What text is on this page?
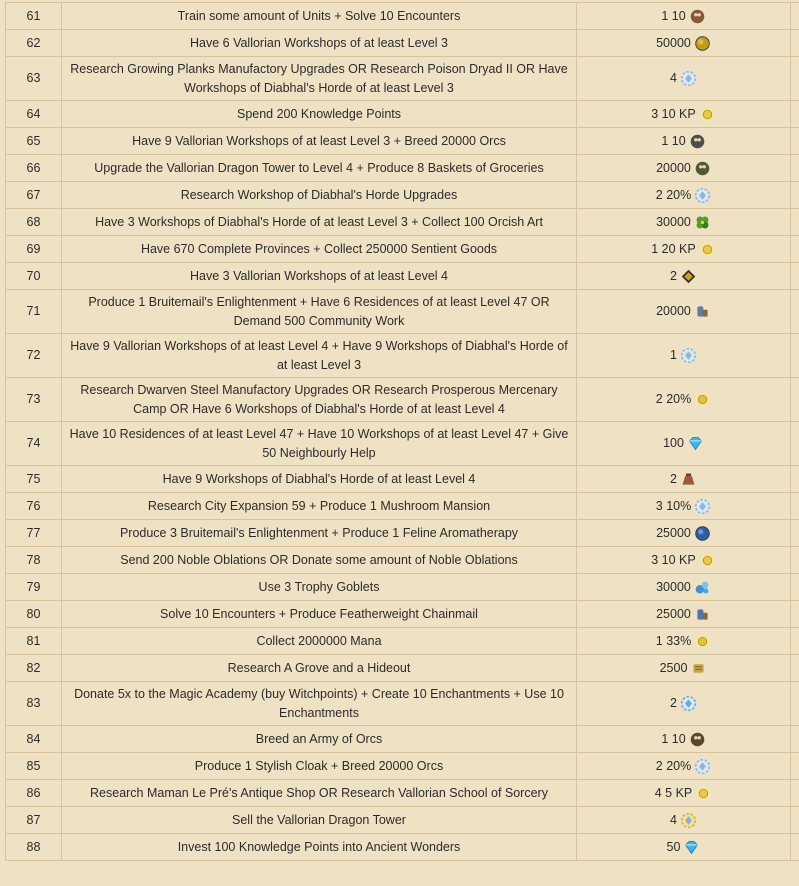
61	Train some amount of Units + Solve 10 Encounters	1 10

62	Have 6 Vallorian Workshops of at least Level 3	50000

63	Research Growing Planks Manufactory Upgrades OR Research Poison Dryad II OR Have Workshops of Diabhal's Horde of at least Level 3	4

64	Spend 200 Knowledge Points	3 10 KP

65	Have 9 Vallorian Workshops of at least Level 3 + Breed 20000 Orcs	1 10

66	Upgrade the Vallorian Dragon Tower to Level 4 + Produce 8 Baskets of Groceries	20000

67	Research Workshop of Diabhal's Horde Upgrades	2 20%

68	Have 3 Workshops of Diabhal's Horde of at least Level 3 + Collect 100 Orcish Art	30000

69	Have 670 Complete Provinces + Collect 250000 Sentient Goods	1 20 KP

70	Have 3 Vallorian Workshops of at least Level 4	2

71	Produce 1 Bruitemail's Enlightenment + Have 6 Residences of at least Level 47 OR Demand 500 Community Work	20000

72	Have 9 Vallorian Workshops of at least Level 4 + Have 9 Workshops of Diabhal's Horde of at least Level 3	1

73	Research Dwarven Steel Manufactory Upgrades OR Research Prosperous Mercenary Camp OR Have 6 Workshops of Diabhal's Horde of at least Level 4	2 20%

74	Have 10 Residences of at least Level 47 + Have 10 Workshops of at least Level 47 + Give 50 Neighbourly Help	100

75	Have 9 Workshops of Diabhal's Horde of at least Level 4	2

76	Research City Expansion 59 + Produce 1 Mushroom Mansion	3 10%

77	Produce 3 Bruitemail's Enlightenment + Produce 1 Feline Aromatherapy	25000

78	Send 200 Noble Oblations OR Donate some amount of Noble Oblations	3 10 KP

79	Use 3 Trophy Goblets	30000

80	Solve 10 Encounters + Produce Featherweight Chainmail	25000

81	Collect 2000000 Mana	1 33%

82	Research A Grove and a Hideout	2500

83	Donate 5x to the Magic Academy (buy Witchpoints) + Create 10 Enchantments + Use 10 Enchantments	2

84	Breed an Army of Orcs	1 10

85	Produce 1 Stylish Cloak + Breed 20000 Orcs	2 20%

86	Research Maman Le Pré's Antique Shop OR Research Vallorian School of Sorcery	4 5 KP

87	Sell the Vallorian Dragon Tower	4

88	Invest 100 Knowledge Points into Ancient Wonders	50
